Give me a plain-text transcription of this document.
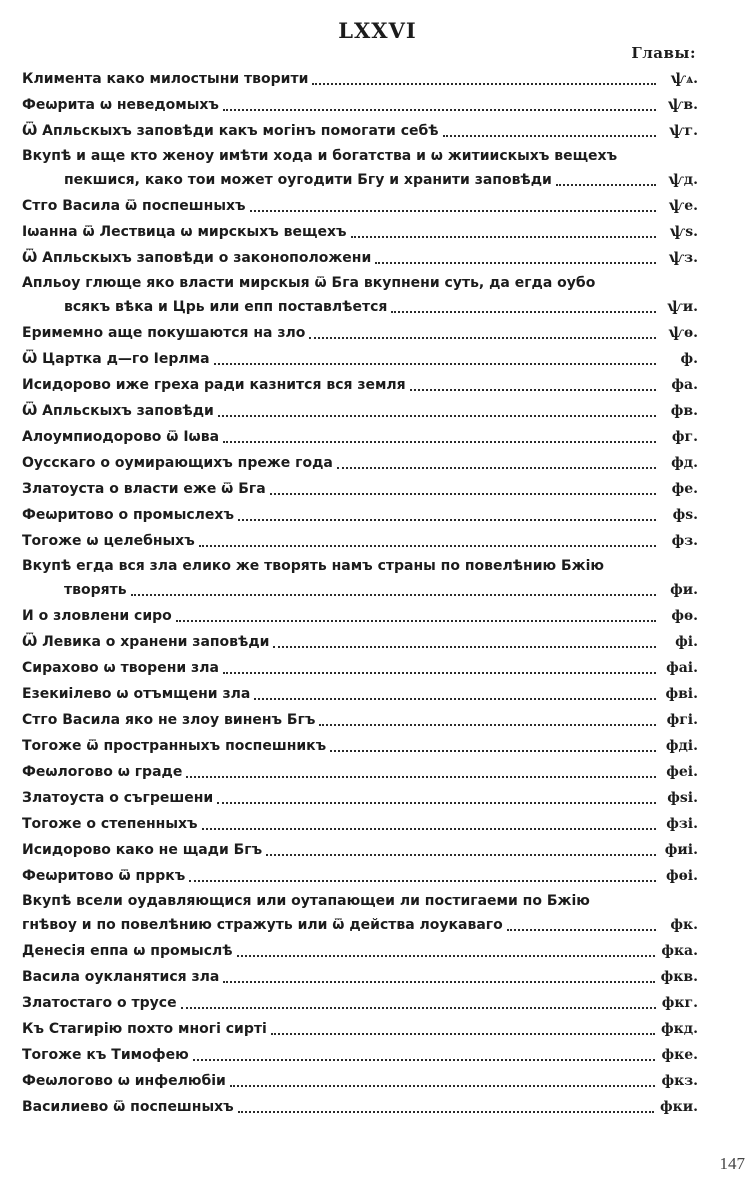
LXXVI
Главы:
Климента како милостыни творити	ѱѧ.
Феѡрита ѡ неведомыхъ	ѱв.
Ѿ Апльскыхъ заповѣди какъ могінъ помогати себѣ	ѱг.
Вкупѣ и аще кто женоу имѣти хода и богатства и ѡ житиискыхъ вещехъ
пекшися, како тои может оугодити Бгу и хранити заповѣди	ѱд.
Стго Васила ѿ поспешныхъ	ѱе.
Іѡанна ѿ Лествица ѡ мирскыхъ вещехъ	ѱѕ.
Ѿ Апльскыхъ заповѣди о законоположени	ѱз.
Апльоу глюще яко власти мирскыя ѿ Бга вкупнени суть, да егда оубо
всякъ вѣка и Црь или епп поставлѣется	ѱи.
Еримемно аще покушаются на зло	ѱѳ.
Ѿ Цартка д—го Іерлма	ф.
Исидорово иже греха ради казнится вся земля	фа.
Ѿ Апльскыхъ заповѣди	фв.
Алоумпиодорово ѿ Іѡва	фг.
Оусскаго о оумирающихъ преже года	фд.
Златоуста о власти еже ѿ Бга	фе.
Феѡритово о промыслехъ	фѕ.
Тогоже ѡ целебныхъ	фз.
Вкупѣ егда вся зла елико же творять намъ страны по повелѣнию Бжію
творять	фи.
И о зловлени сиро	фѳ.
Ѿ Левика о хранени заповѣди	фі.
Сирахово ѡ творени зла	фаі.
Езекиілево ѡ отъмщени зла	фві.
Стго Васила яко не злоу виненъ Бгъ	фгі.
Тогоже ѿ пространныхъ поспешникъ	фді.
Феѡлогово ѡ граде	феі.
Златоуста о съгрешени	фѕі.
Тогоже о степенныхъ	фзі.
Исидорово како не щади Бгъ	фиі.
Феѡритово ѿ прркъ	фѳі.
Вкупѣ всели оудавляющися или оутапающеи ли постигаеми по Бжію
гнѣвоу и по повелѣнию стражуть или ѿ действа лоукаваго	фк.
Денесія еппа ѡ промыслѣ	фка.
Васила оукланятися зла	фкв.
Златостаго о трусе	фкг.
Къ Стагирію похто многі сирті	фкд.
Тогоже къ Тимофею	фке.
Феѡлогово ѡ инфелюбіи	фкз.
Василиево ѿ поспешныхъ	фки.
147
